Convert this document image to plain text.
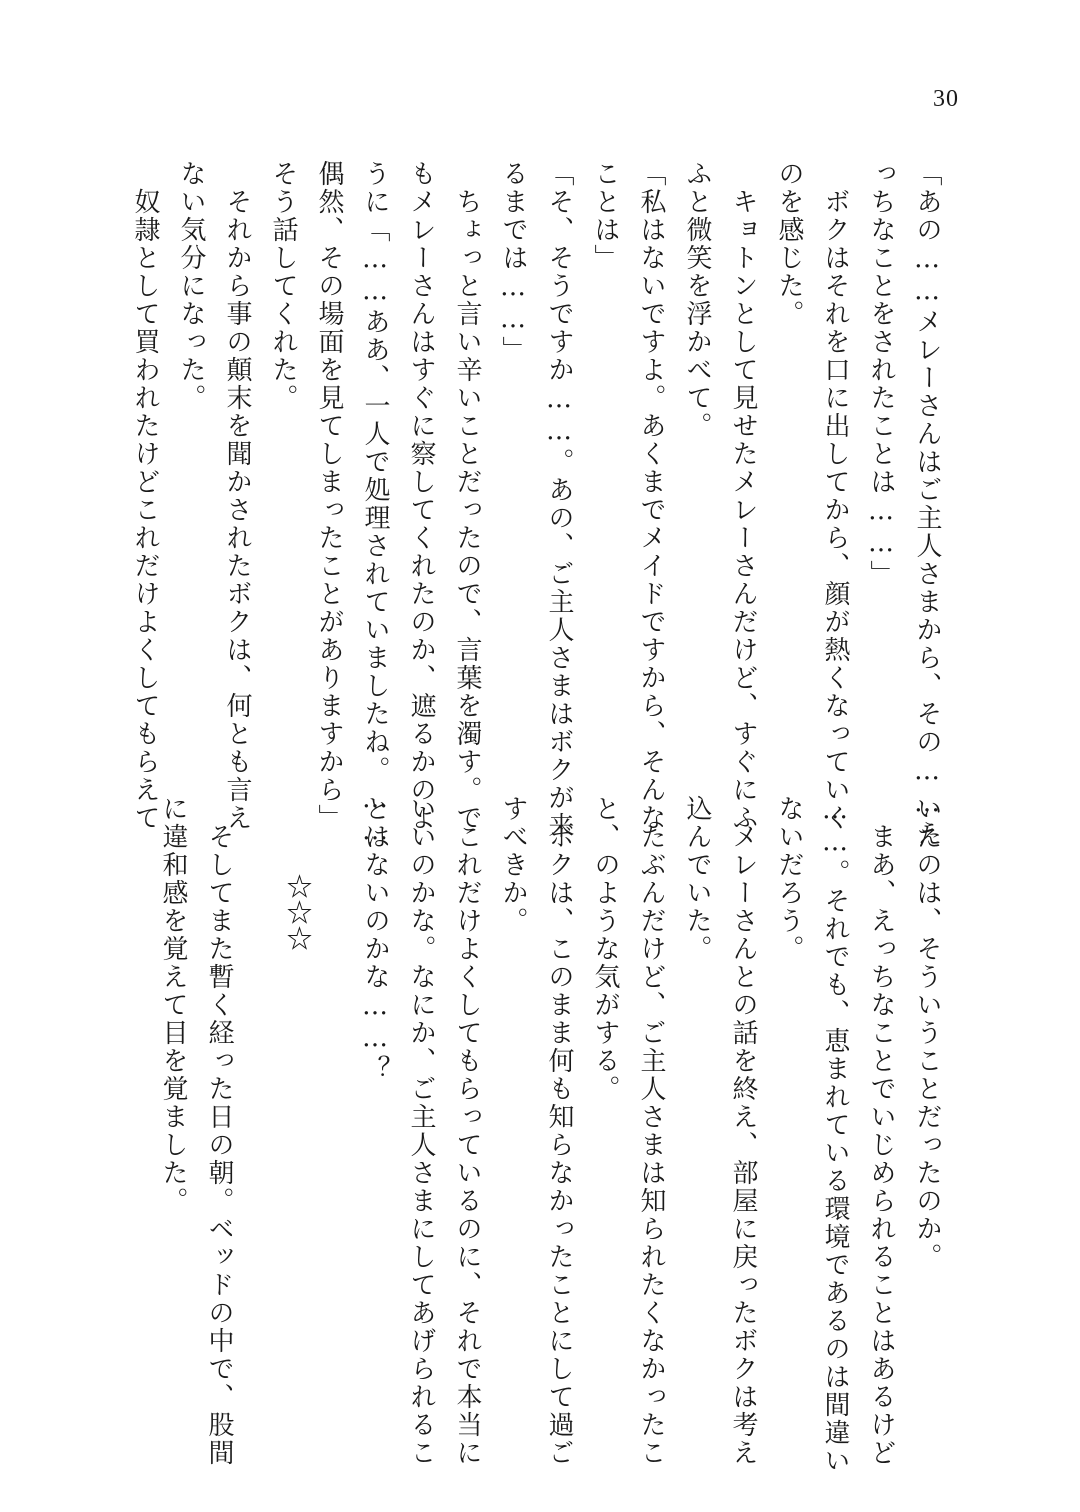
30
「あの……メレーさんはご主人さまから、その……え
っちなことをされたことは……」
　ボクはそれを口に出してから、顔が熱くなっていく
のを感じた。
　キョトンとして見せたメレーさんだけど、すぐにふ
ふと微笑を浮かべて。
「私はないですよ。あくまでメイドですから、そんな
ことは」
「そ、そうですか……。あの、ご主人さまはボクが来
るまでは……」
　ちょっと言い辛いことだったので、言葉を濁す。で
もメレーさんはすぐに察してくれたのか、遮るかのよ
うに「……ああ、一人で処理されていましたね。……
偶然、その場面を見てしまったことがありますから」
そう話してくれた。
　それから事の顛末を聞かされたボクは、何とも言え
ない気分になった。
　奴隷として買われたけどこれだけよくしてもらえて
いたのは、そういうことだったのか。
　まあ、えっちなことでいじめられることはあるけど
……。それでも、恵まれている環境であるのは間違い
ないだろう。
　メレーさんとの話を終え、部屋に戻ったボクは考え
込んでいた。
　たぶんだけど、ご主人さまは知られたくなかったこ
と、のような気がする。
　ボクは、このまま何も知らなかったことにして過ご
すべきか。
　これだけよくしてもらっているのに、それで本当に
いいのかな。なにか、ご主人さまにしてあげられるこ
とはないのかな……？
　　　☆☆☆
　そしてまた暫く経った日の朝。ベッドの中で、股間
に違和感を覚えて目を覚ました。
